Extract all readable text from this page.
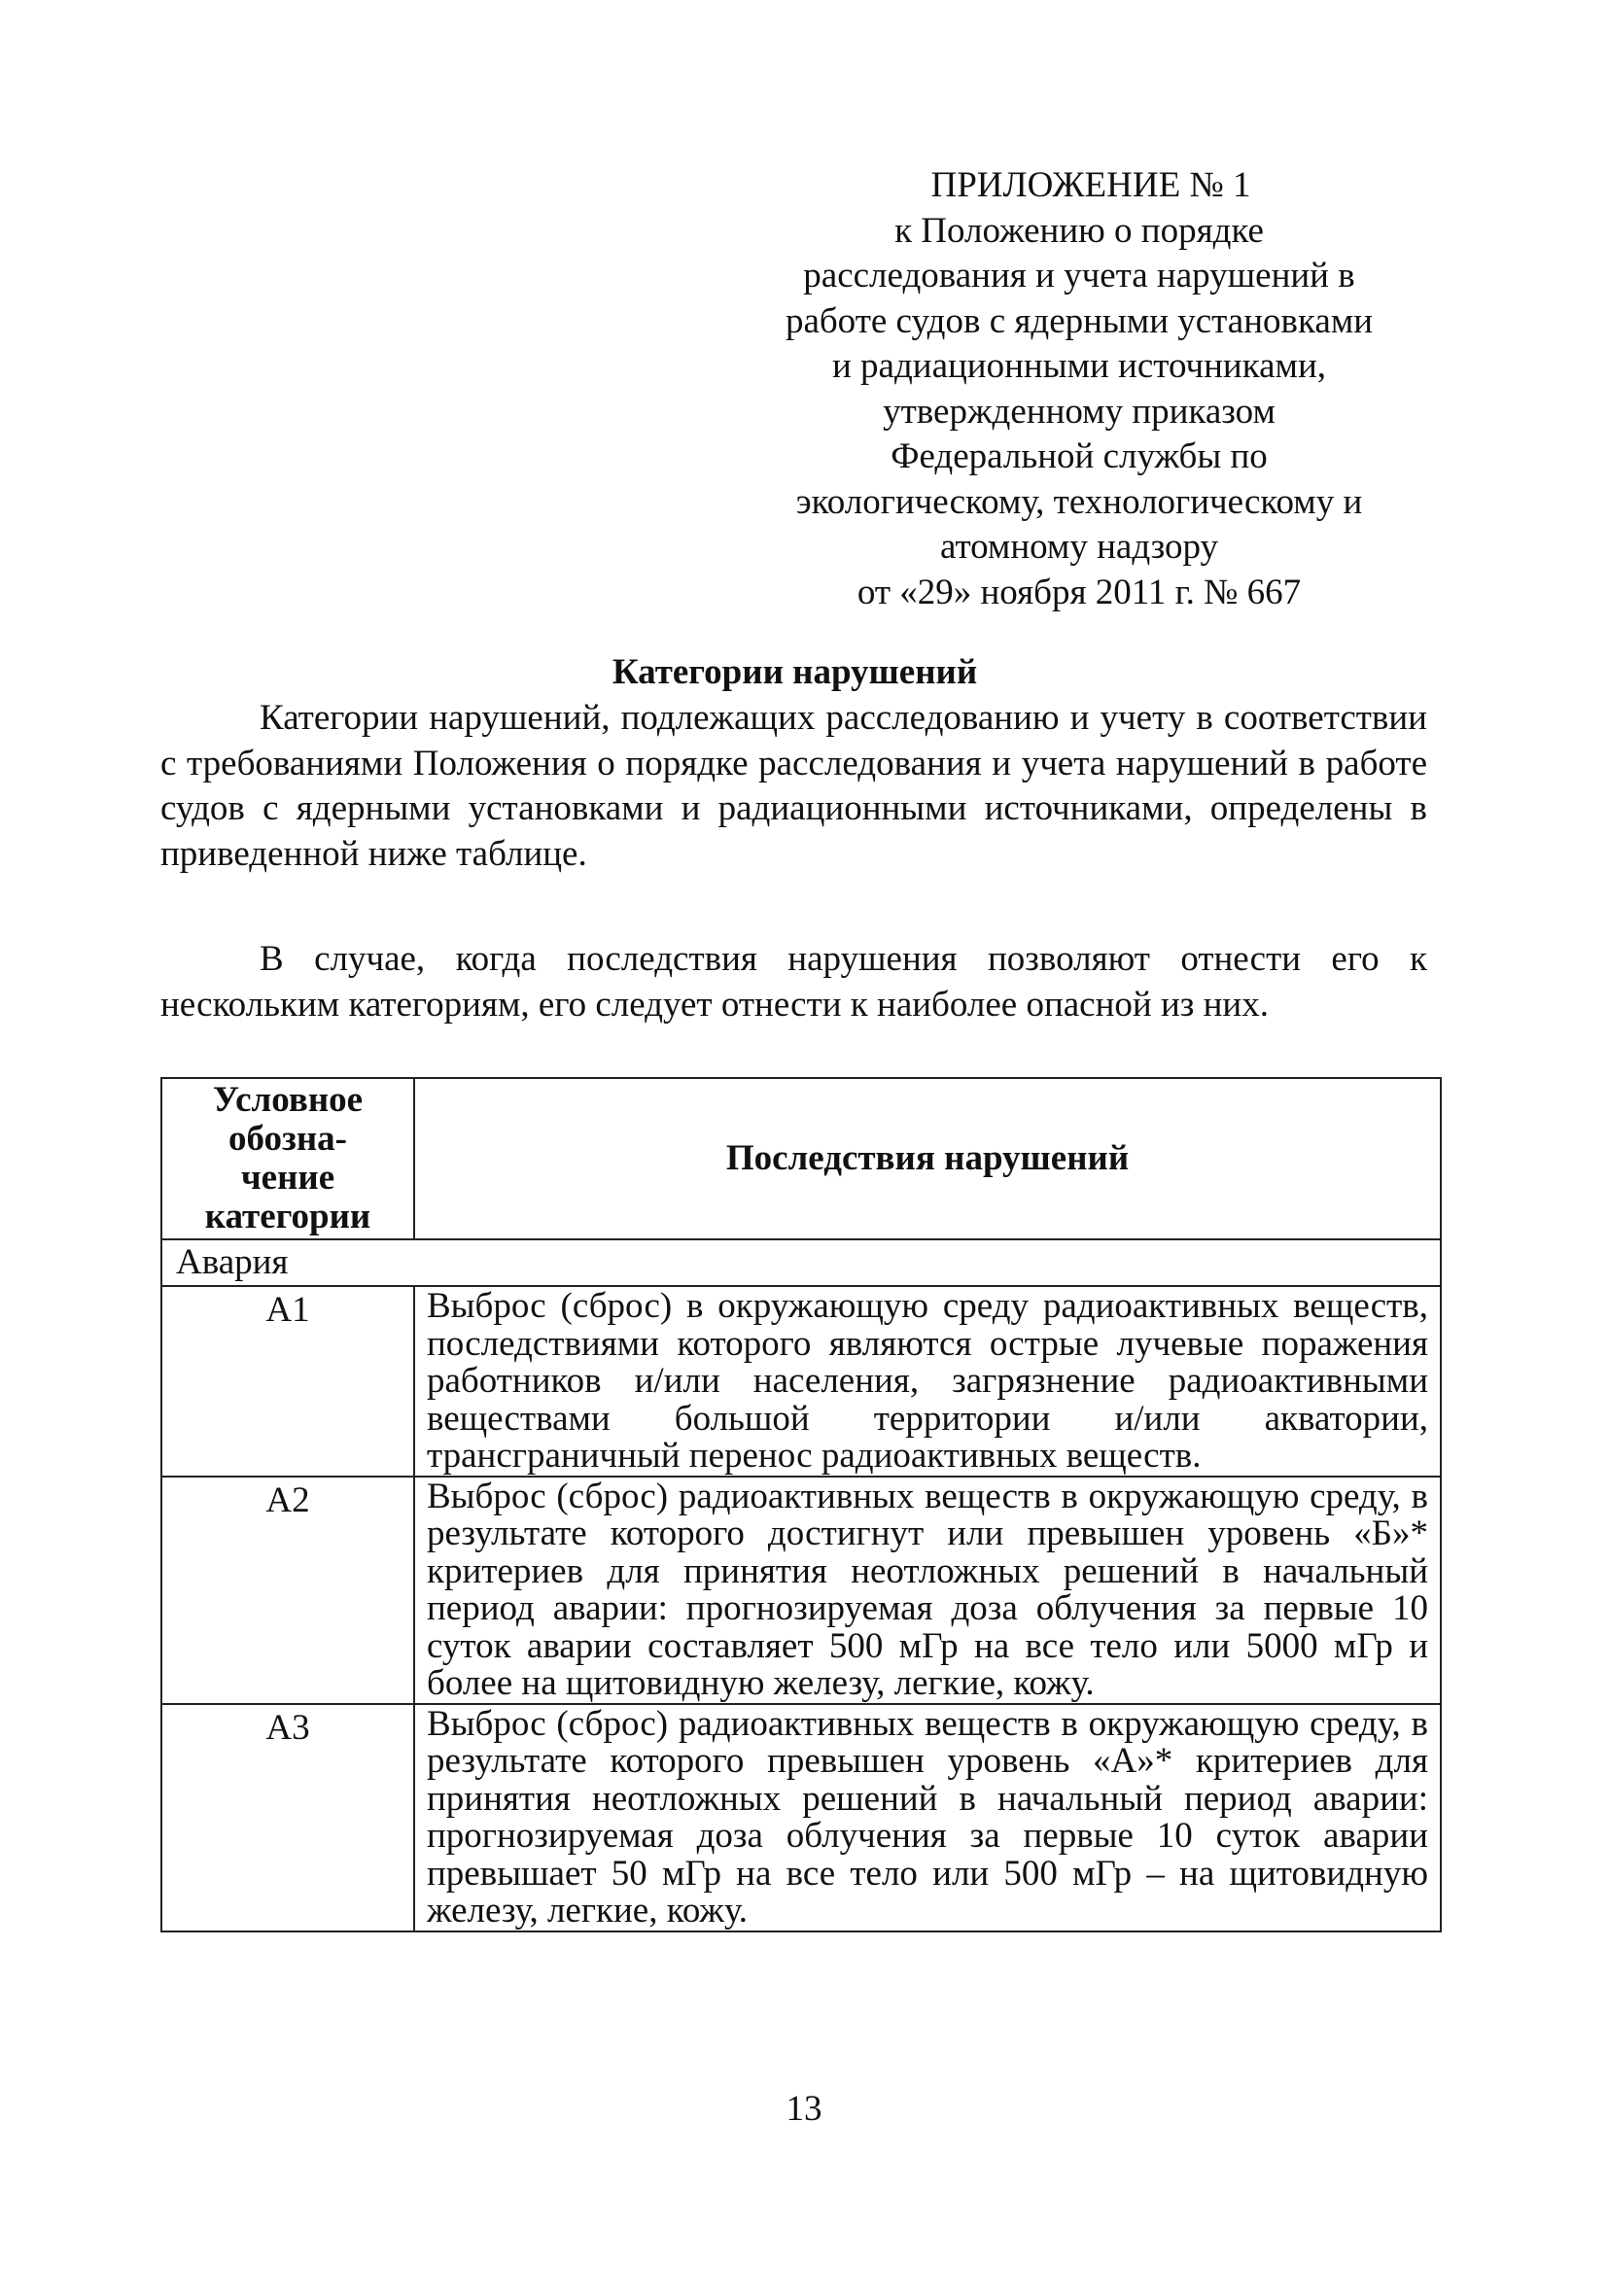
ПРИЛОЖЕНИЕ № 1
к Положению о порядке
расследования и учета нарушений в
работе судов с ядерными установками
и радиационными источниками,
утвержденному приказом
Федеральной службы по
экологическому, технологическому и
атомному надзору
от «29» ноября 2011 г. № 667
Категории нарушений
Категории нарушений, подлежащих расследованию и учету в соответствии с требованиями Положения о порядке расследования и учета нарушений в работе судов с ядерными установками и радиационными источниками, определены в приведенной ниже таблице.
В случае, когда последствия нарушения позволяют отнести его к нескольким категориям, его следует отнести к наиболее опасной из них.
Условное
обозна-
чение
категории	Последствия нарушений
Авария	
А1	Выброс (сброс) в окружающую среду радиоактивных веществ, последствиями которого являются острые лучевые поражения работников и/или населения, загрязнение радиоактивными веществами большой территории и/или акватории, трансграничный перенос радиоактивных веществ.
А2	Выброс (сброс) радиоактивных веществ в окружающую среду, в результате которого достигнут или превышен уровень «Б»* критериев для принятия неотложных решений в начальный период аварии: прогнозируемая доза облучения за первые 10 суток аварии составляет 500 мГр на все тело или 5000 мГр и более на щитовидную железу, легкие, кожу.
А3	Выброс (сброс) радиоактивных веществ в окружающую среду, в результате которого превышен уровень «А»* критериев для принятия неотложных решений в начальный период аварии: прогнозируемая доза облучения за первые 10 суток аварии превышает 50 мГр на все тело или 500 мГр – на щитовидную железу, легкие, кожу.
13
